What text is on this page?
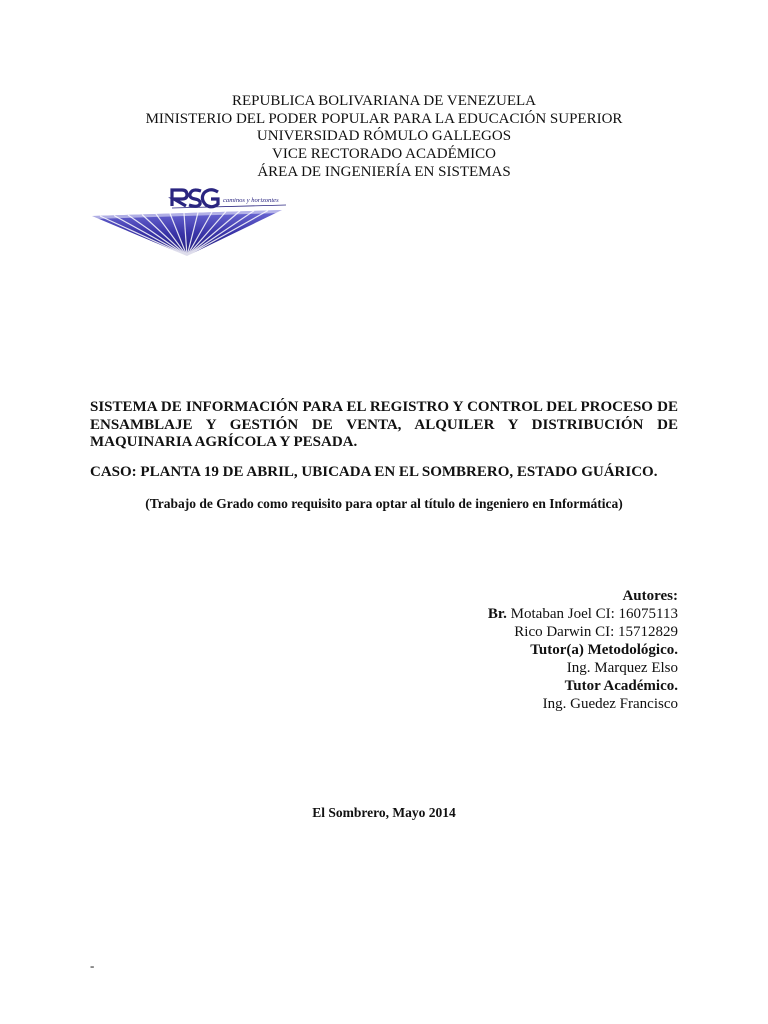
REPUBLICA BOLIVARIANA DE VENEZUELA
MINISTERIO DEL PODER POPULAR PARA LA EDUCACIÓN SUPERIOR
UNIVERSIDAD RÓMULO GALLEGOS
VICE RECTORADO ACADÉMICO
ÁREA DE INGENIERÍA EN SISTEMAS
caminos y horizontes
SISTEMA DE INFORMACIÓN PARA EL REGISTRO Y CONTROL DEL PROCESO DE ENSAMBLAJE Y GESTIÓN DE VENTA, ALQUILER Y DISTRIBUCIÓN DE MAQUINARIA AGRÍCOLA Y PESADA.
CASO: PLANTA 19 DE ABRIL, UBICADA EN EL SOMBRERO, ESTADO GUÁRICO.
(Trabajo de Grado como requisito para optar al título de ingeniero en Informática)
Autores:
Br. Motaban Joel CI: 16075113
Rico Darwin CI: 15712829
Tutor(a) Metodológico.
Ing. Marquez Elso
Tutor Académico.
Ing. Guedez Francisco
El Sombrero, Mayo 2014
-
